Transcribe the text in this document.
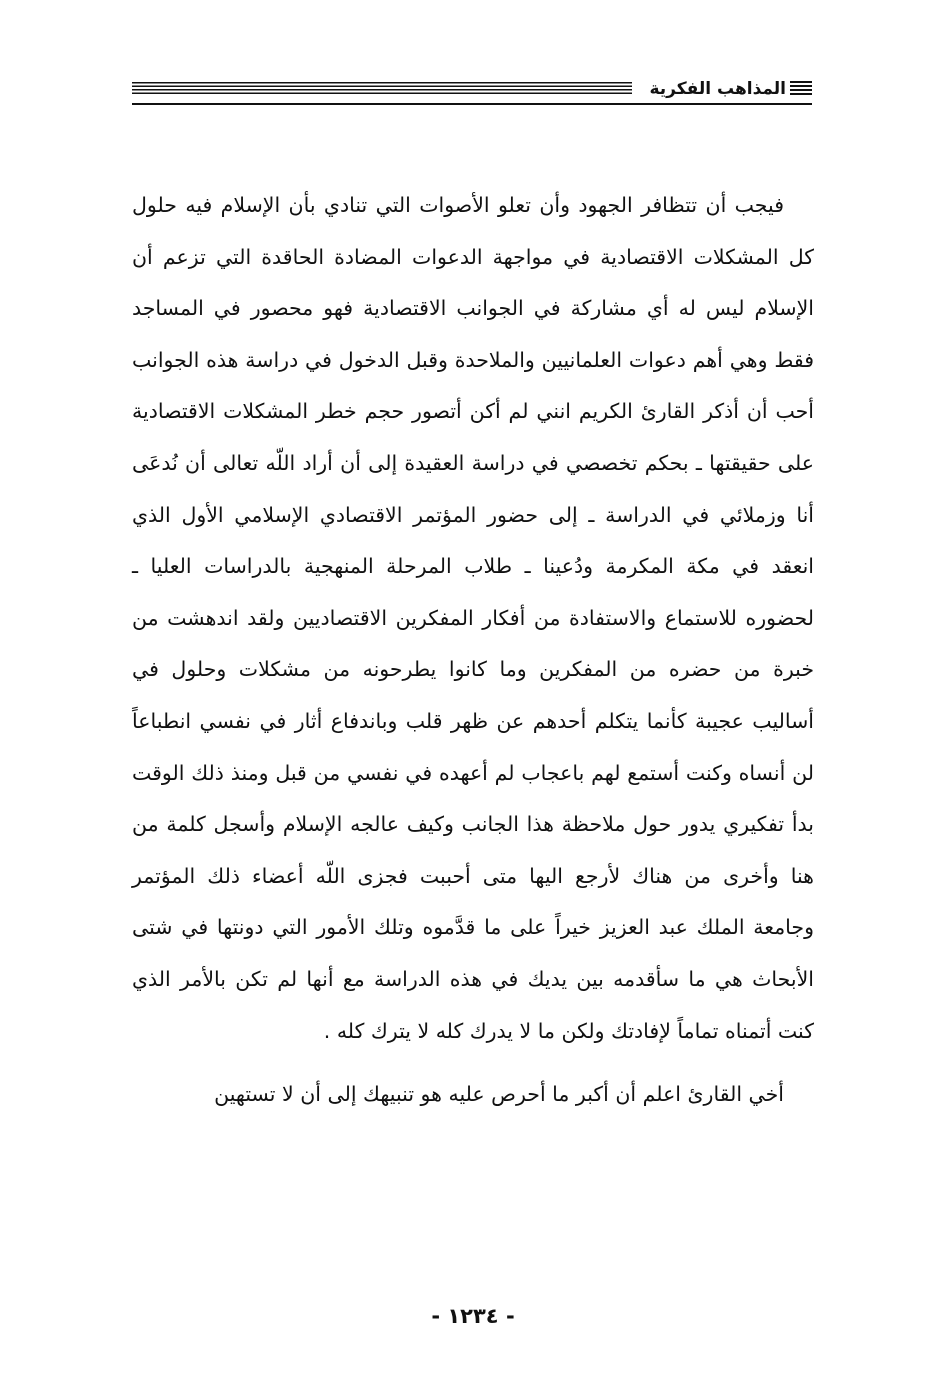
المذاهب الفكرية

فيجب أن تتظافر الجهود وأن تعلو الأصوات التي تنادي بأن الإسلام فيه حلول كل المشكلات الاقتصادية في مواجهة الدعوات المضادة الحاقدة التي تزعم أن الإسلام ليس له أي مشاركة في الجوانب الاقتصادية فهو محصور في المساجد فقط وهي أهم دعوات العلمانيين والملاحدة وقبل الدخول في دراسة هذه الجوانب أحب أن أذكر القارئ الكريم انني لم أكن أتصور حجم خطر المشكلات الاقتصادية على حقيقتها ـ بحكم تخصصي في دراسة العقيدة إلى أن أراد اللّه تعالى أن نُدعَى أنا وزملائي في الدراسة ـ إلى حضور المؤتمر الاقتصادي الإسلامي الأول الذي انعقد في مكة المكرمة ودُعينا ـ طلاب المرحلة المنهجية بالدراسات العليا ـ لحضوره للاستماع والاستفادة من أفكار المفكرين الاقتصاديين ولقد اندهشت من خبرة من حضره من المفكرين وما كانوا يطرحونه من مشكلات وحلول في أساليب عجيبة كأنما يتكلم أحدهم عن ظهر قلب وباندفاع أثار في نفسي انطباعاً لن أنساه وكنت أستمع لهم باعجاب لم أعهده في نفسي من قبل ومنذ ذلك الوقت بدأ تفكيري يدور حول ملاحظة هذا الجانب وكيف عالجه الإسلام وأسجل كلمة من هنا وأخرى من هناك لأرجع اليها متى أحببت فجزى اللّه أعضاء ذلك المؤتمر وجامعة الملك عبد العزيز خيراً على ما قدَّموه وتلك الأمور التي دونتها في شتى الأبحاث هي ما سأقدمه بين يديك في هذه الدراسة مع أنها لم تكن بالأمر الذي كنت أتمناه تماماً لإفادتك ولكن ما لا يدرك كله لا يترك كله .

أخي القارئ اعلم أن أكبر ما أحرص عليه هو تنبيهك إلى أن لا تستهين

- ١٢٣٤ -
